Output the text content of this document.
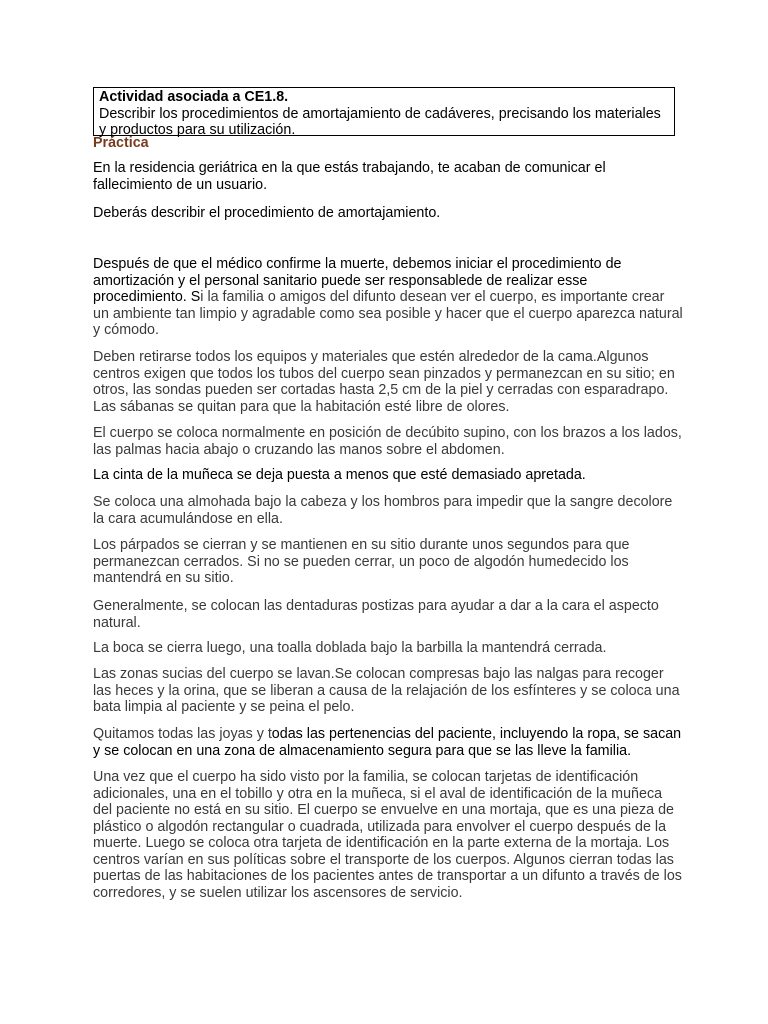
Actividad asociada a CE1.8.

Describir los procedimientos de amortajamiento de cadáveres, precisando los materiales y productos para su utilización.

Práctica

En la residencia geriátrica en la que estás trabajando, te acaban de comunicar el fallecimiento de un usuario.

Deberás describir el procedimiento de amortajamiento.

Después de que el médico confirme la muerte, debemos iniciar el procedimiento de amortización y el personal sanitario puede ser responsablede de realizar esse procedimiento. Si la familia o amigos del difunto desean ver el cuerpo, es importante crear un ambiente tan limpio y agradable como sea posible y hacer que el cuerpo aparezca natural y cómodo.

Deben retirarse todos los equipos y materiales que estén alrededor de la cama.Algunos centros exigen que todos los tubos del cuerpo sean pinzados y permanezcan en su sitio; en otros, las sondas pueden ser cortadas hasta 2,5 cm de la piel y cerradas con esparadrapo. Las sábanas se quitan para que la habitación esté libre de olores.

El cuerpo se coloca normalmente en posición de decúbito supino, con los brazos a los lados, las palmas hacia abajo o cruzando las manos sobre el abdomen.

La cinta de la muñeca se deja puesta a menos que esté demasiado apretada.

Se coloca una almohada bajo la cabeza y los hombros para impedir que la sangre decolore la cara acumulándose en ella.

Los párpados se cierran y se mantienen en su sitio durante unos segundos para que permanezcan cerrados. Si no se pueden cerrar, un poco de algodón humedecido los mantendrá en su sitio.

Generalmente, se colocan las dentaduras postizas para ayudar a dar a la cara el aspecto natural.

La boca se cierra luego, una toalla doblada bajo la barbilla la mantendrá cerrada.

Las zonas sucias del cuerpo se lavan.Se colocan compresas bajo las nalgas para recoger las heces y la orina, que se liberan a causa de la relajación de los esfínteres y se coloca una bata limpia al paciente y se peina el pelo.

Quitamos todas las joyas y todas las pertenencias del paciente, incluyendo la ropa, se sacan y se colocan en una zona de almacenamiento segura para que se las lleve la familia.

Una vez que el cuerpo ha sido visto por la familia, se colocan tarjetas de identificación adicionales, una en el tobillo y otra en la muñeca, si el aval de identificación de la muñeca del paciente no está en su sitio. El cuerpo se envuelve en una mortaja, que es una pieza de plástico o algodón rectangular o cuadrada, utilizada para envolver el cuerpo después de la muerte. Luego se coloca otra tarjeta de identificación en la parte externa de la mortaja. Los centros varían en sus políticas sobre el transporte de los cuerpos. Algunos cierran todas las puertas de las habitaciones de los pacientes antes de transportar a un difunto a través de los corredores, y se suelen utilizar los ascensores de servicio.
